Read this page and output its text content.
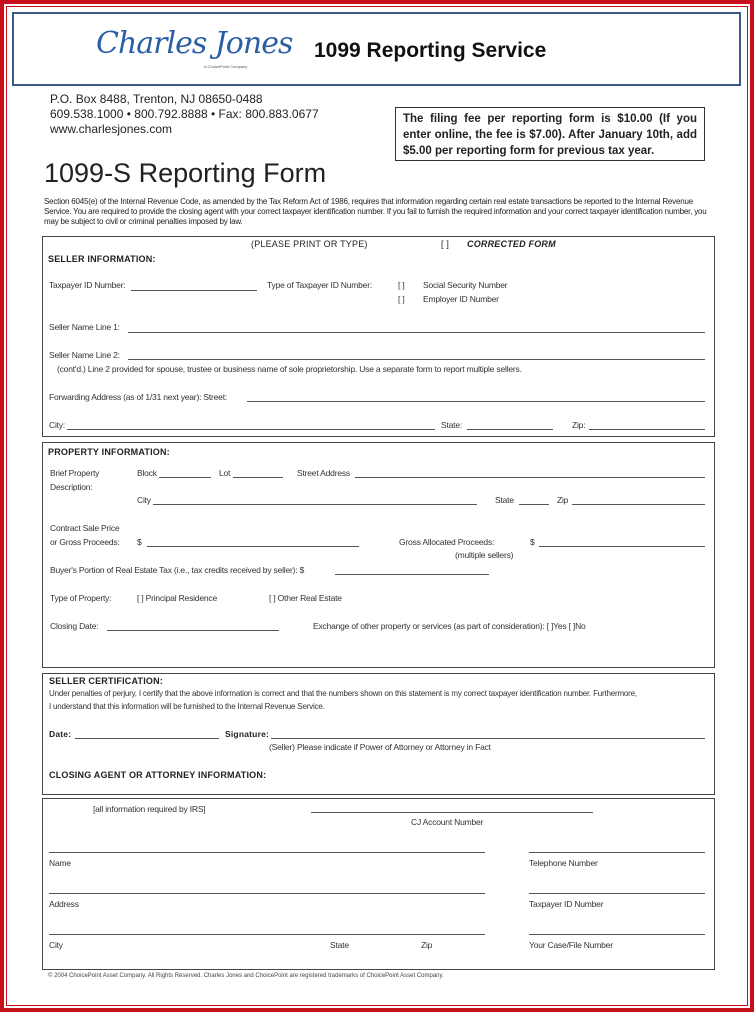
Charles Jones
A ChoicePoint Company
1099 Reporting Service
P.O. Box 8488, Trenton, NJ 08650-0488
609.538.1000 • 800.792.8888 • Fax: 800.883.0677
www.charlesjones.com
The filing fee per reporting form is $10.00 (If you enter online, the fee is $7.00). After January 10th, add $5.00 per reporting form for previous tax year.
1099-S Reporting Form
Section 6045(e) of the Internal Revenue Code, as amended by the Tax Reform Act of 1986, requires that information regarding certain real estate transactions be reported to the Internal Revenue Service. You are required to provide the closing agent with your correct taxpayer identification number. If you fail to furnish the required information and your correct taxpayer identification number, you may be subject to civil or criminal penalties imposed by law.
(PLEASE PRINT OR TYPE)	[ ] CORRECTED FORM
SELLER INFORMATION:
Taxpayer ID Number:	Type of Taxpayer ID Number:	[ ] Social Security Number
[ ] Employer ID Number
Seller Name Line 1:
Seller Name Line 2:
(cont'd.) Line 2 provided for spouse, trustee or business name of sole proprietorship. Use a separate form to report multiple sellers.
Forwarding Address (as of 1/31 next year): Street:
City:	State:	Zip:
PROPERTY INFORMATION:
Brief Property
Description:
Block	Lot	Street Address
City	State	Zip
Contract Sale Price
or Gross Proceeds: $	Gross Allocated Proceeds:	$
(multiple sellers)
Buyer's Portion of Real Estate Tax (i.e., tax credits received by seller): $
Type of Property:	[ ] Principal Residence	[ ] Other Real Estate
Closing Date:	Exchange of other property or services (as part of consideration): [ ]Yes [ ]No
SELLER CERTIFICATION:
Under penalties of perjury, I certify that the above information is correct and that the numbers shown on this statement is my correct taxpayer identification number. Furthermore,
I understand that this information will be furnished to the Internal Revenue Service.
Date:	Signature:
(Seller) Please indicate if Power of Attorney or Attorney in Fact
CLOSING AGENT OR ATTORNEY INFORMATION:
[all information required by IRS]
CJ Account Number
Name	Telephone Number
Address	Taxpayer ID Number
City	State	Zip	Your Case/File Number
© 2004 ChoicePoint Asset Company. All Rights Reserved. Charles Jones and ChoicePoint are registered trademarks of ChoicePoint Asset Company.
